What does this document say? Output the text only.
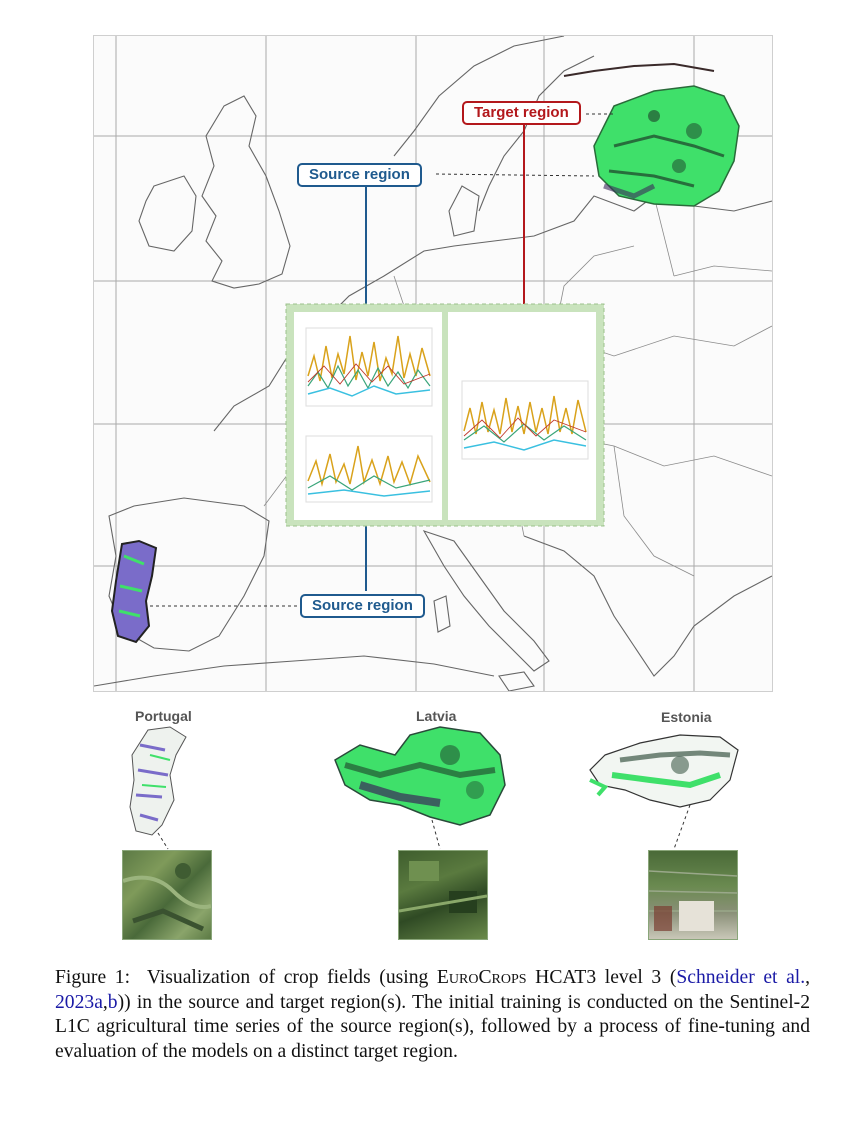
Target region
Source region
Source region
Portugal	Latvia	Estonia
Figure 1: Visualization of crop fields (using EuroCrops HCAT3 level 3 (Schneider et al., 2023a,b)) in the source and target region(s). The initial training is conducted on the Sentinel-2 L1C agricultural time series of the source region(s), followed by a process of fine-tuning and evaluation of the models on a distinct target region.
